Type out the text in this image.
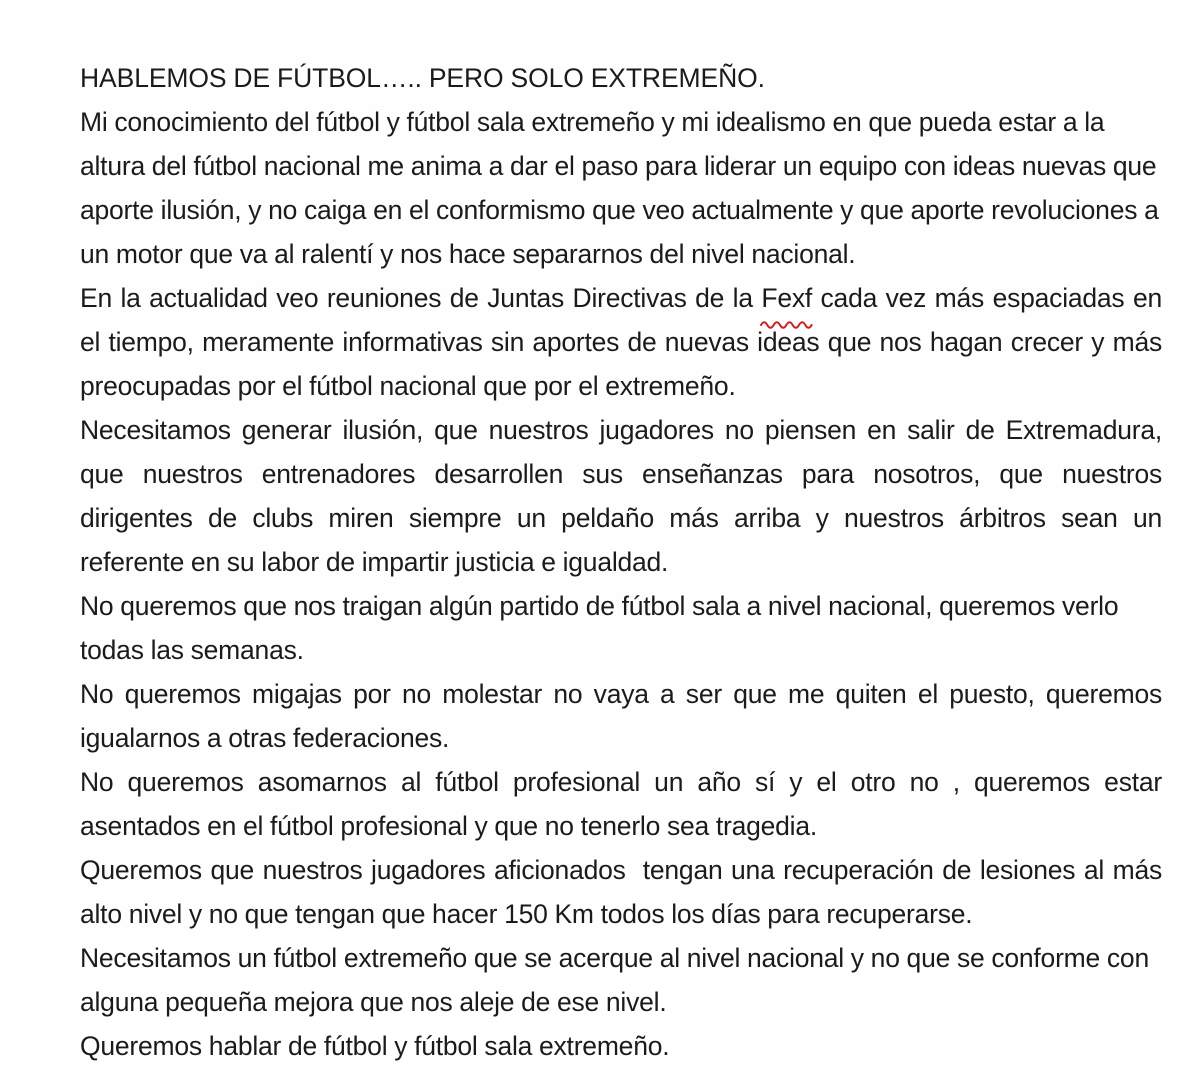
HABLEMOS DE FÚTBOL….. PERO SOLO EXTREMEÑO.

Mi conocimiento del fútbol y fútbol sala extremeño y mi idealismo en que pueda estar a la altura del fútbol nacional me anima a dar el paso para liderar un equipo con ideas nuevas que aporte ilusión, y no caiga en el conformismo que veo actualmente y que aporte revoluciones a un motor que va al ralentí y nos hace separarnos del nivel nacional.

En la actualidad veo reuniones de Juntas Directivas de la Fexf
cada vez más espaciadas en el tiempo, meramente informativas sin aportes de nuevas ideas que nos hagan crecer y más preocupadas por el fútbol nacional que por el extremeño.

Necesitamos generar ilusión, que nuestros jugadores no piensen en salir de Extremadura, que nuestros entrenadores desarrollen sus enseñanzas para nosotros, que nuestros dirigentes de clubs miren siempre un peldaño más arriba y nuestros árbitros sean un referente en su labor de impartir justicia e igualdad.

No queremos que nos traigan algún partido de fútbol sala a nivel nacional, queremos verlo todas las semanas.

No queremos migajas por no molestar no vaya a ser que me quiten el puesto, queremos igualarnos a otras federaciones.

No queremos asomarnos al fútbol profesional un año sí y el otro no , queremos estar asentados en el fútbol profesional y que no tenerlo sea tragedia.

Queremos que nuestros jugadores aficionados  tengan una recuperación de lesiones al más alto nivel y no que tengan que hacer 150 Km todos los días para recuperarse.

Necesitamos un fútbol extremeño que se acerque al nivel nacional y no que se conforme con alguna pequeña mejora que nos aleje de ese nivel.

Queremos hablar de fútbol y fútbol sala extremeño.
